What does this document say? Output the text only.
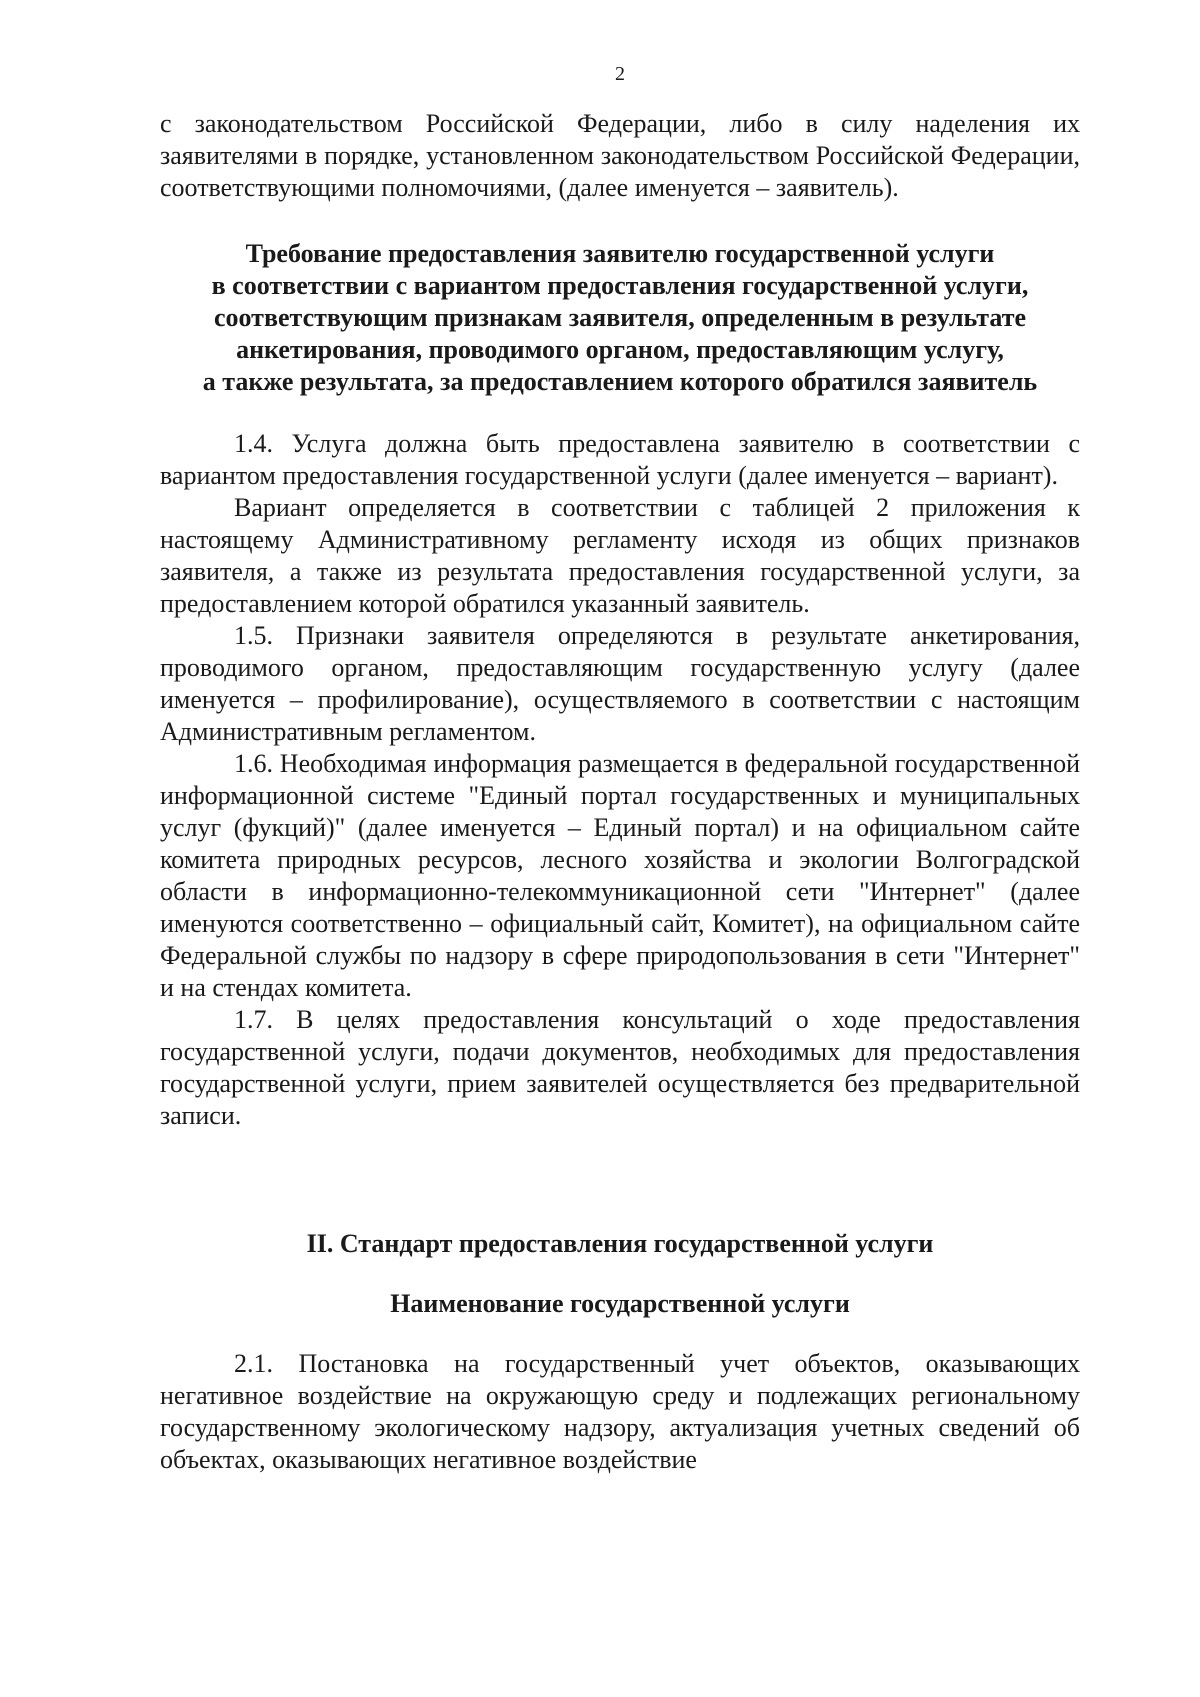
2

с законодательством Российской Федерации, либо в силу наделения их заявителями в порядке, установленном законодательством Российской Федерации, соответствующими полномочиями, (далее именуется – заявитель).

Требование предоставления заявителю государственной услуги
в соответствии с вариантом предоставления государственной услуги,
соответствующим признакам заявителя, определенным в результате
анкетирования, проводимого органом, предоставляющим услугу,
а также результата, за предоставлением которого обратился заявитель

1.4. Услуга должна быть предоставлена заявителю в соответствии с вариантом предоставления государственной услуги (далее именуется – вариант).

Вариант определяется в соответствии с таблицей 2 приложения к настоящему Административному регламенту исходя из общих признаков заявителя, а также из результата предоставления государственной услуги, за предоставлением которой обратился указанный заявитель.

1.5. Признаки заявителя определяются в результате анкетирования, проводимого органом, предоставляющим государственную услугу (далее именуется – профилирование), осуществляемого в соответствии с настоящим Административным регламентом.

1.6. Необходимая информация размещается в федеральной государственной информационной системе "Единый портал государственных и муниципальных услуг (фукций)" (далее именуется – Единый портал) и на официальном сайте комитета природных ресурсов, лесного хозяйства и экологии Волгоградской области в информационно-телекоммуникационной сети "Интернет" (далее именуются соответственно – официальный сайт, Комитет), на официальном сайте Федеральной службы по надзору в сфере природопользования в сети "Интернет" и на стендах комитета.

1.7. В целях предоставления консультаций о ходе предоставления государственной услуги, подачи документов, необходимых для предоставления государственной услуги, прием заявителей осуществляется без предварительной записи.

II. Стандарт предоставления государственной услуги
Наименование государственной услуги

2.1. Постановка на государственный учет объектов, оказывающих негативное воздействие на окружающую среду и подлежащих региональному государственному экологическому надзору, актуализация учетных сведений об объектах, оказывающих негативное воздействие
